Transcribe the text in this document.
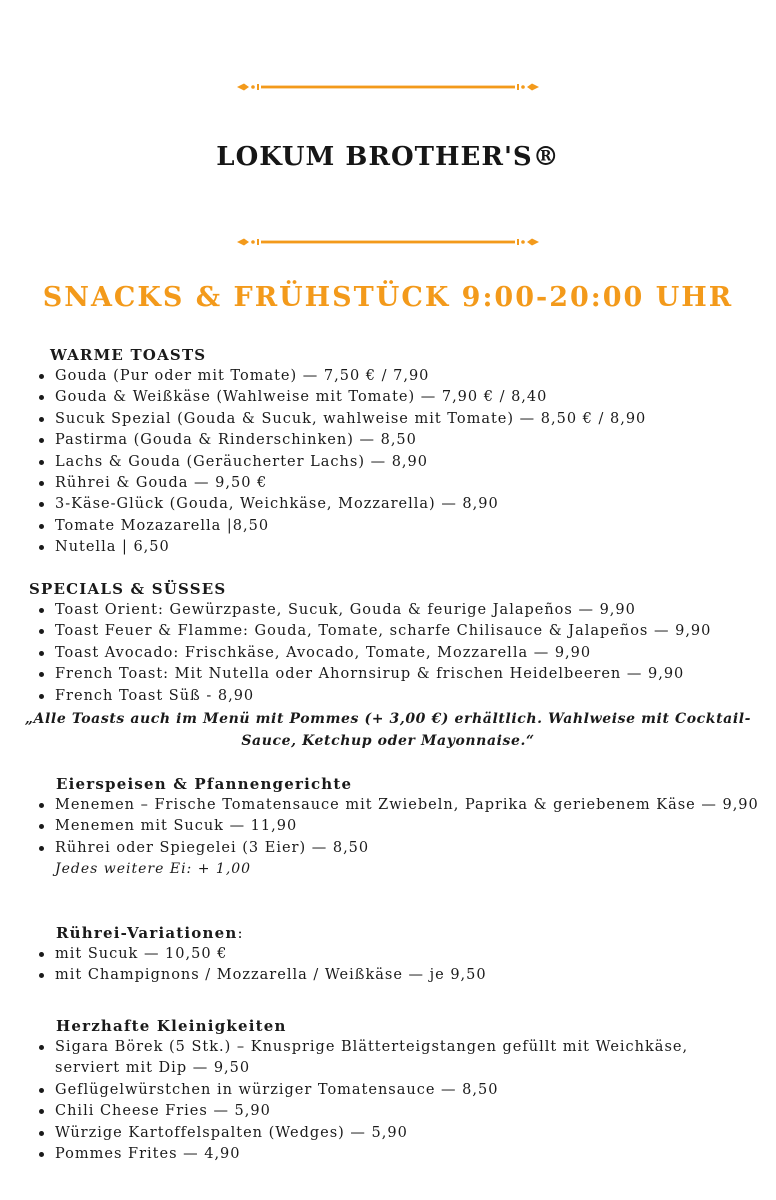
LOKUM BROTHER'S®
SNACKS & FRÜHSTÜCK 9:00-20:00 UHR
WARME TOASTS
Gouda (Pur oder mit Tomate) — 7,50 € / 7,90
Gouda & Weißkäse (Wahlweise mit Tomate) — 7,90 € / 8,40
Sucuk Spezial (Gouda & Sucuk, wahlweise mit Tomate) — 8,50 € / 8,90
Pastirma (Gouda & Rinderschinken) — 8,50
Lachs & Gouda (Geräucherter Lachs) — 8,90
Rührei & Gouda — 9,50 €
3-Käse-Glück (Gouda, Weichkäse, Mozzarella) — 8,90
Tomate Mozazarella |8,50
Nutella | 6,50
SPECIALS & SÜSSES
Toast Orient: Gewürzpaste, Sucuk, Gouda & feurige Jalapeños — 9,90
Toast Feuer & Flamme: Gouda, Tomate, scharfe Chilisauce & Jalapeños — 9,90
Toast Avocado: Frischkäse, Avocado, Tomate, Mozzarella — 9,90
French Toast: Mit Nutella oder Ahornsirup & frischen Heidelbeeren — 9,90
French Toast Süß - 8,90
„Alle Toasts auch im Menü mit Pommes (+ 3,00 €) erhältlich. Wahlweise mit Cocktail-Sauce, Ketchup oder Mayonnaise.“
Eierspeisen & Pfannengerichte
Menemen – Frische Tomatensauce mit Zwiebeln, Paprika & geriebenem Käse — 9,90
Menemen mit Sucuk — 11,90
Rührei oder Spiegelei (3 Eier) — 8,50
Jedes weitere Ei: + 1,00
Rührei-Variationen:
mit Sucuk — 10,50 €
mit Champignons / Mozzarella / Weißkäse — je 9,50
Herzhafte Kleinigkeiten
Sigara Börek (5 Stk.) – Knusprige Blätterteigstangen gefüllt mit Weichkäse, serviert mit Dip — 9,50
Geflügelwürstchen in würziger Tomatensauce — 8,50
Chili Cheese Fries — 5,90
Würzige Kartoffelspalten (Wedges) — 5,90
Pommes Frites — 4,90
